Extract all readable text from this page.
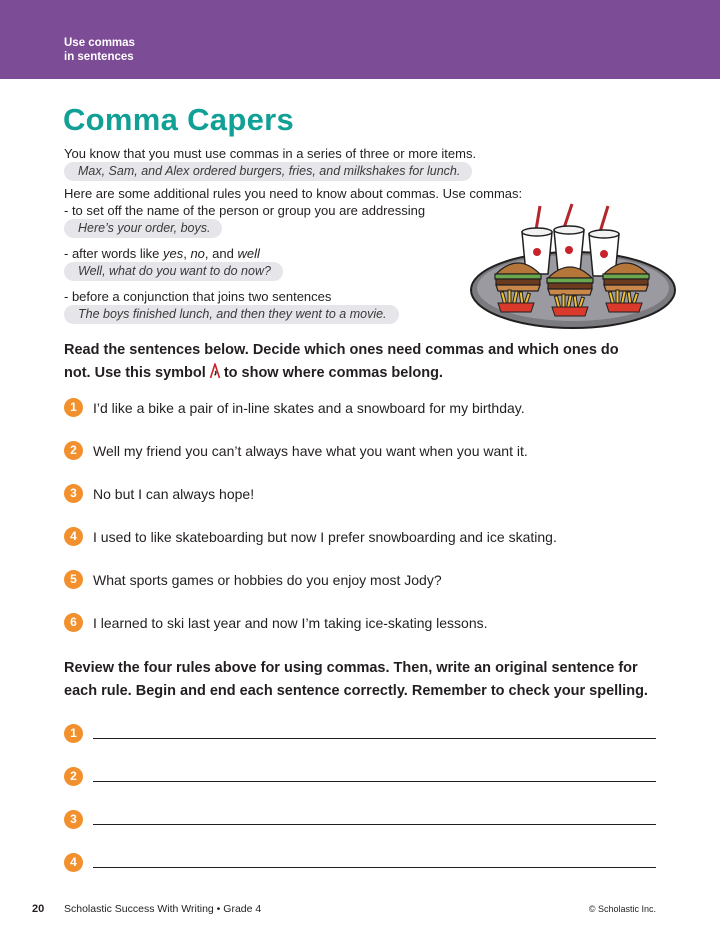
Use commas
in sentences
Comma Capers
You know that you must use commas in a series of three or more items.
Max, Sam, and Alex ordered burgers, fries, and milkshakes for lunch.
Here are some additional rules you need to know about commas. Use commas:
- to set off the name of the person or group you are addressing
Here’s your order, boys.
- after words like yes, no, and well
Well, what do you want to do now?
- before a conjunction that joins two sentences
The boys finished lunch, and then they went to a movie.
Read the sentences below. Decide which ones need commas and which ones do
not. Use this symbol to show where commas belong.
1	I’d like a bike a pair of in-line skates and a snowboard for my birthday.
2	Well my friend you can’t always have what you want when you want it.
3	No but I can always hope!
4	I used to like skateboarding but now I prefer snowboarding and ice skating.
5	What sports games or hobbies do you enjoy most Jody?
6	I learned to ski last year and now I’m taking ice-skating lessons.
Review the four rules above for using commas. Then, write an original sentence for
each rule. Begin and end each sentence correctly. Remember to check your spelling.
1
2
3
4
20 Scholastic Success With Writing • Grade 4	© Scholastic Inc.
